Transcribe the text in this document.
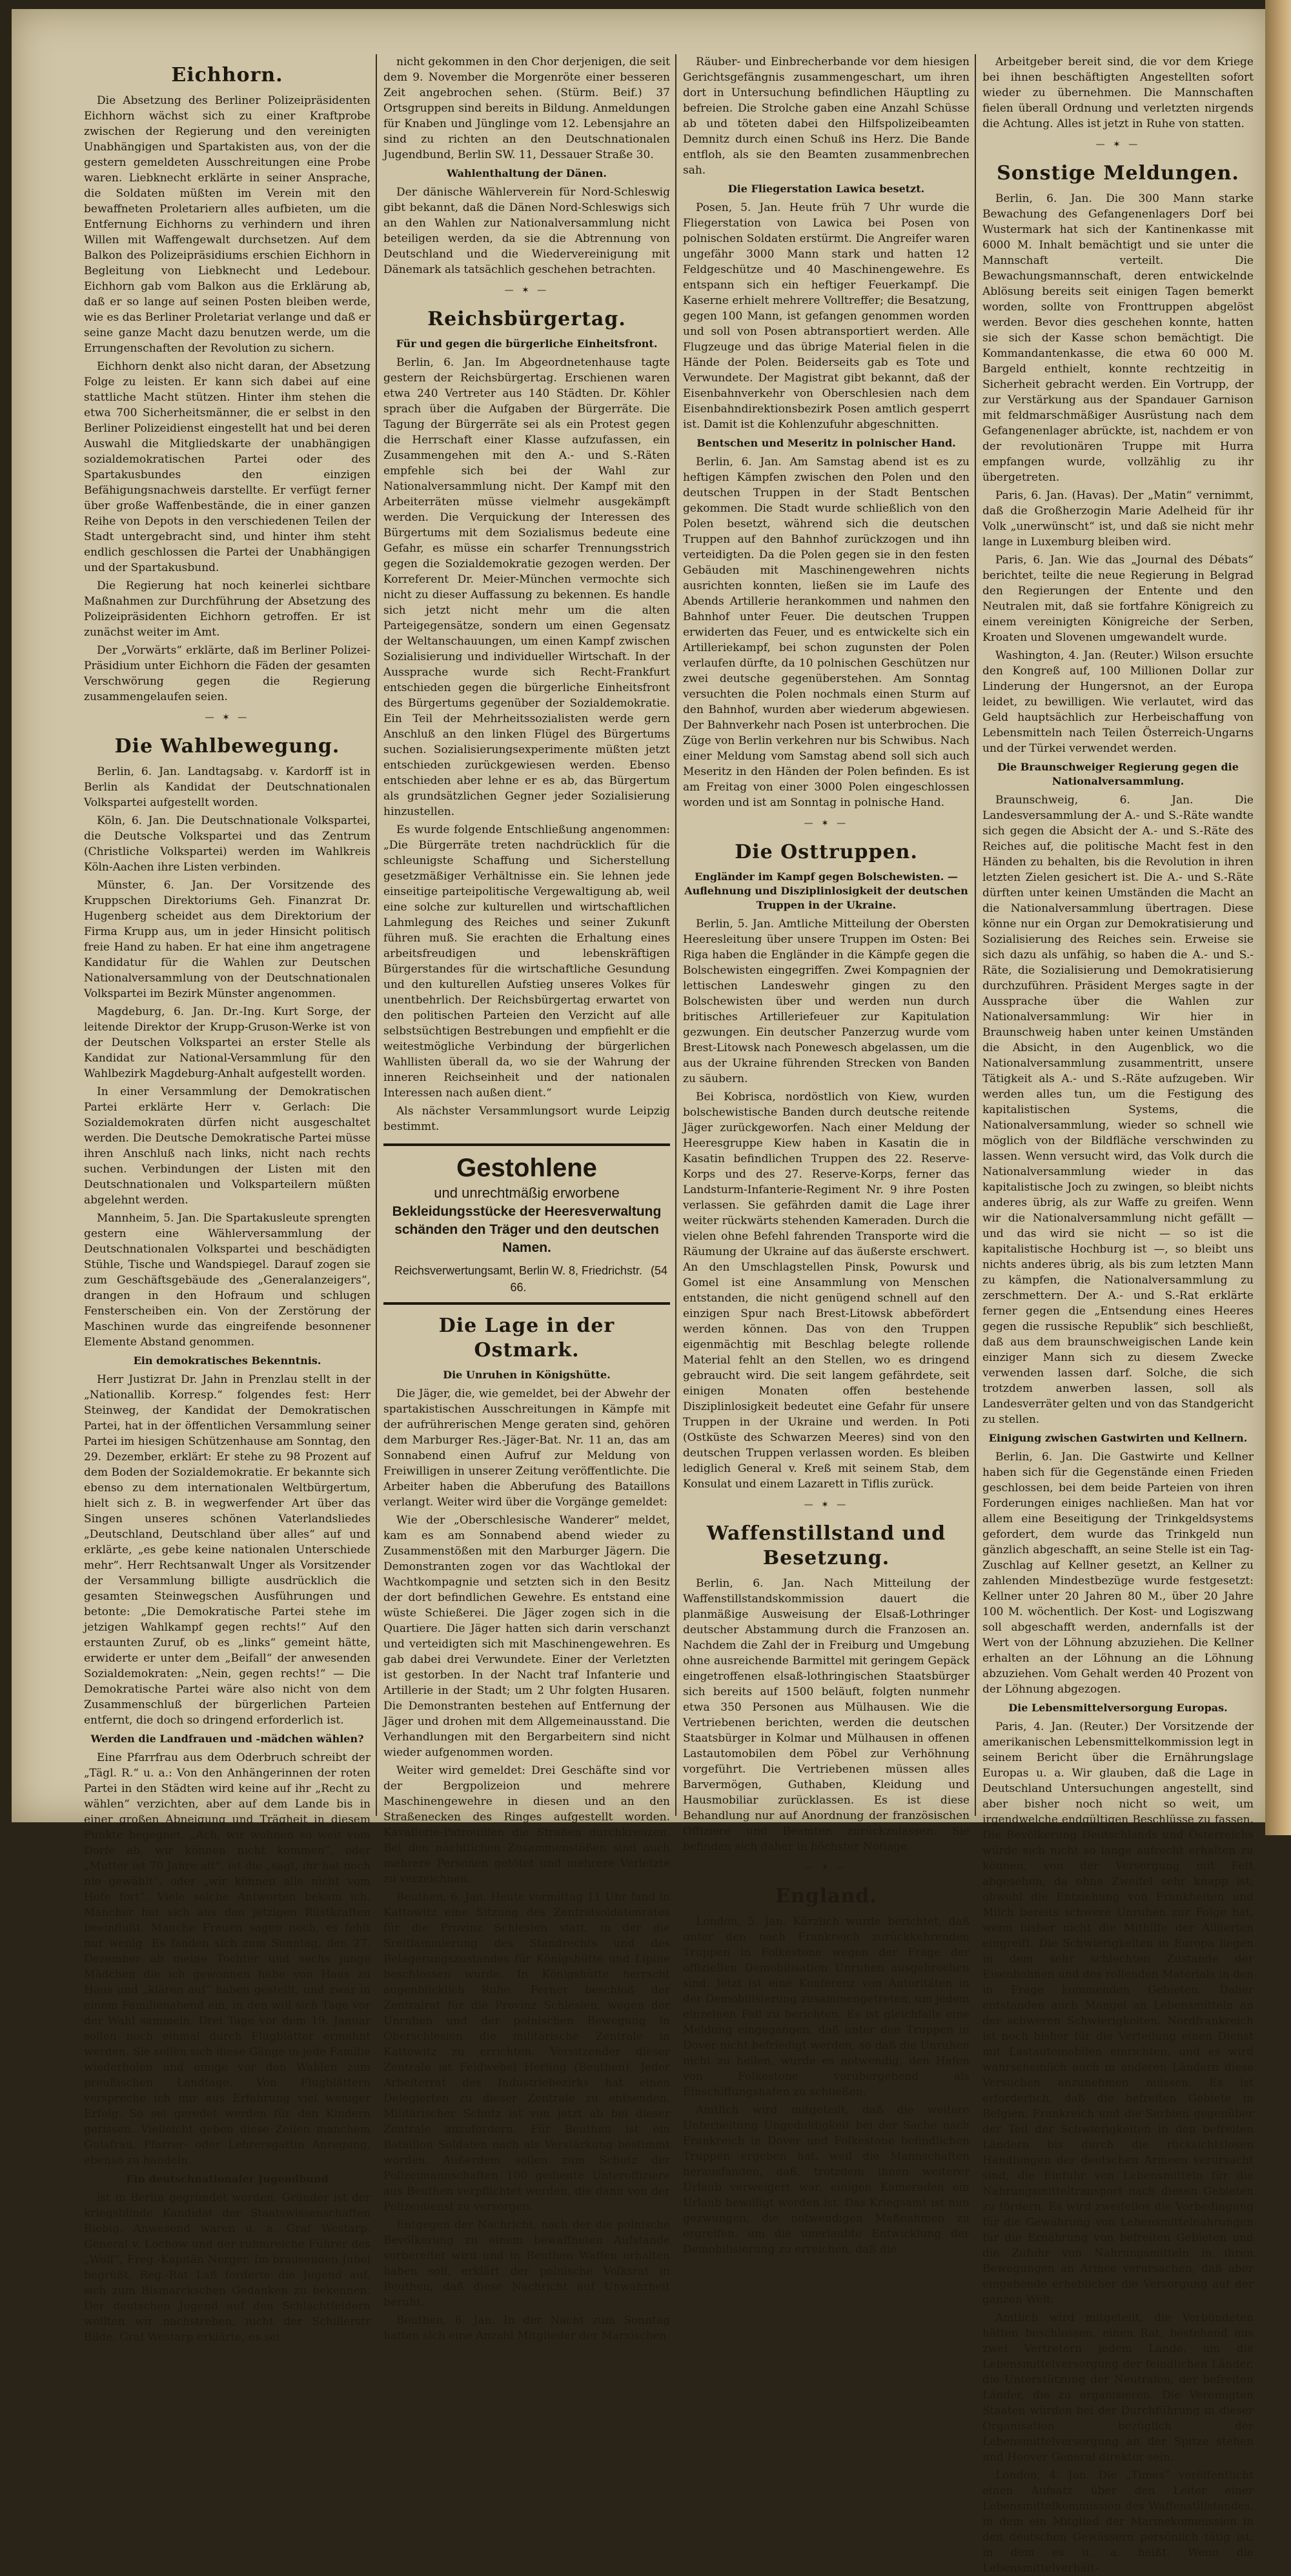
Eichhorn.

Die Absetzung des Berliner Polizeipräsidenten Eichhorn wächst sich zu einer Kraftprobe zwischen der Regierung und den vereinigten Unabhängigen und Spartakisten aus, von der die gestern gemeldeten Ausschreitungen eine Probe waren. Liebknecht erklärte in seiner Ansprache, die Soldaten müßten im Verein mit den bewaffneten Proletariern alles aufbieten, um die Entfernung Eichhorns zu verhindern und ihren Willen mit Waffengewalt durchsetzen. Auf dem Balkon des Polizeipräsidiums erschien Eichhorn in Begleitung von Liebknecht und Ledebour. Eichhorn gab vom Balkon aus die Erklärung ab, daß er so lange auf seinen Posten bleiben werde, wie es das Berliner Proletariat verlange und daß er seine ganze Macht dazu benutzen werde, um die Errungenschaften der Revolution zu sichern.

Eichhorn denkt also nicht daran, der Absetzung Folge zu leisten. Er kann sich dabei auf eine stattliche Macht stützen. Hinter ihm stehen die etwa 700 Sicherheitsmänner, die er selbst in den Berliner Polizeidienst eingestellt hat und bei deren Auswahl die Mitgliedskarte der unabhängigen sozialdemokratischen Partei oder des Spartakusbundes den einzigen Befähigungsnachweis darstellte. Er verfügt ferner über große Waffenbestände, die in einer ganzen Reihe von Depots in den verschiedenen Teilen der Stadt untergebracht sind, und hinter ihm steht endlich geschlossen die Partei der Unabhängigen und der Spartakusbund.

Die Regierung hat noch keinerlei sichtbare Maßnahmen zur Durchführung der Absetzung des Polizeipräsidenten Eichhorn getroffen. Er ist zunächst weiter im Amt.

Der „Vorwärts“ erklärte, daß im Berliner Polizei-Präsidium unter Eichhorn die Fäden der gesamten Verschwörung gegen die Regierung zusammengelaufen seien.

— ✶ —
Die Wahlbewegung.

Berlin, 6. Jan. Landtagsabg. v. Kardorff ist in Berlin als Kandidat der Deutschnationalen Volkspartei aufgestellt worden.

Köln, 6. Jan. Die Deutschnationale Volkspartei, die Deutsche Volkspartei und das Zentrum (Christliche Volkspartei) werden im Wahlkreis Köln-Aachen ihre Listen verbinden.

Münster, 6. Jan. Der Vorsitzende des Kruppschen Direktoriums Geh. Finanzrat Dr. Hugenberg scheidet aus dem Direktorium der Firma Krupp aus, um in jeder Hinsicht politisch freie Hand zu haben. Er hat eine ihm angetragene Kandidatur für die Wahlen zur Deutschen Nationalversammlung von der Deutschnationalen Volkspartei im Bezirk Münster angenommen.

Magdeburg, 6. Jan. Dr.-Ing. Kurt Sorge, der leitende Direktor der Krupp-Gruson-Werke ist von der Deutschen Volkspartei an erster Stelle als Kandidat zur National-Versammlung für den Wahlbezirk Magdeburg-Anhalt aufgestellt worden.

In einer Versammlung der Demokratischen Partei erklärte Herr v. Gerlach: Die Sozialdemokraten dürfen nicht ausgeschaltet werden. Die Deutsche Demokratische Partei müsse ihren Anschluß nach links, nicht nach rechts suchen. Verbindungen der Listen mit den Deutschnationalen und Volksparteilern müßten abgelehnt werden.

Mannheim, 5. Jan. Die Spartakusleute sprengten gestern eine Wählerversammlung der Deutschnationalen Volkspartei und beschädigten Stühle, Tische und Wandspiegel. Darauf zogen sie zum Geschäftsgebäude des „Generalanzeigers“, drangen in den Hofraum und schlugen Fensterscheiben ein. Von der Zerstörung der Maschinen wurde das eingreifende besonnener Elemente Abstand genommen.

Ein demokratisches Bekenntnis.

Herr Justizrat Dr. Jahn in Prenzlau stellt in der „Nationallib. Korresp.“ folgendes fest: Herr Steinweg, der Kandidat der Demokratischen Partei, hat in der öffentlichen Versammlung seiner Partei im hiesigen Schützenhause am Sonntag, den 29. Dezember, erklärt: Er stehe zu 98 Prozent auf dem Boden der Sozialdemokratie. Er bekannte sich ebenso zu dem internationalen Weltbürgertum, hielt sich z. B. in wegwerfender Art über das Singen unseres schönen Vaterlandsliedes „Deutschland, Deutschland über alles“ auf und erklärte, „es gebe keine nationalen Unterschiede mehr“. Herr Rechtsanwalt Unger als Vorsitzender der Versammlung billigte ausdrücklich die gesamten Steinwegschen Ausführungen und betonte: „Die Demokratische Partei stehe im jetzigen Wahlkampf gegen rechts!“ Auf den erstaunten Zuruf, ob es „links“ gemeint hätte, erwiderte er unter dem „Beifall“ der anwesenden Sozialdemokraten: „Nein, gegen rechts!“ — Die Demokratische Partei wäre also nicht von dem Zusammenschluß der bürgerlichen Parteien entfernt, die doch so dringend erforderlich ist.

Werden die Landfrauen und -mädchen wählen?

Eine Pfarrfrau aus dem Oderbruch schreibt der „Tägl. R.“ u. a.: Von den Anhängerinnen der roten Partei in den Städten wird keine auf ihr „Recht zu wählen“ verzichten, aber auf dem Lande bis in einer großen Abneigung und Trägheit in diesem Punkte begegnet. „Ach, wir wohnen so weit vom Dorfe ab, wir können nicht kommen“, oder „Mutter ist 70 Jahre alt“, ist die „sagt, ihr hat noch nie gewählt“, oder „wir können alle nicht vom Hofe fort“. Viele solche Antworten bekam ich. Mancher hat sich aus den jetzigen Rüstkraften beeinflußt. Manche Frauen sagen noch, es fehlt nur wenig. Es fanden sich zum Sonntag, den 27. Dezember ab meine Tochter und sechs junge Mädchen die ich gewonnen habe von Haus zu Haus und „klären auf“ haben gestellt, und zwar in einem Familienabend ein, in den will sich Tage vor der Wahl sammeln. Drei Tage vor dem 19. Januar sollen noch einmal durch Flugblätter ermahnt werden. Sie sollen sich diese Gänge in jede Familie wiederholen und einige vor den Wahlen zum preußischen Landtage. Von Flugblättern verspreche ich mir aus Erfahrung viel weniger Erfolg. So sei geredet werden für den Kindern gerissen. Vielleicht geben diese Zeilen manchem Gutsfrau, Pfarrer- oder Lehrersgattin Anregung, ebenso zu handeln.

Ein deutschnationaler Jugendbund

ist in Berlin gegründet worden. Gründer ist der kriegsblinde Kandidat der Staatswissenschaften Biebig. Anwesend waren u. a. Graf Westarp, General v. Lochow und der ruhmreiche Führer des „Wolf“, Freg.-Kapitän Nerger. Im brausenden Jubel begrüßt, Reg.-Rat Laß forderte die Jugend auf, sich zum Bismarckschen Gedanken zu bekennen. Der deutschen Jugend auf den Schlachtfeldern wollten wir nachstreben, nicht der Schillerstr Bilde. Graf Westarp erklärte, es sei

nicht gekommen in den Chor derjenigen, die seit dem 9. November die Morgenröte einer besseren Zeit angebrochen sehen. (Stürm. Beif.) 37 Ortsgruppen sind bereits in Bildung. Anmeldungen für Knaben und Jünglinge vom 12. Lebensjahre an sind zu richten an den Deutschnationalen Jugendbund, Berlin SW. 11, Dessauer Straße 30.

Wahlenthaltung der Dänen.

Der dänische Wählerverein für Nord-Schleswig gibt bekannt, daß die Dänen Nord-Schleswigs sich an den Wahlen zur Nationalversammlung nicht beteiligen werden, da sie die Abtrennung von Deutschland und die Wiedervereinigung mit Dänemark als tatsächlich geschehen betrachten.

— ✶ —
Reichsbürgertag.
Für und gegen die bürgerliche Einheitsfront.

Berlin, 6. Jan. Im Abgeordnetenhause tagte gestern der Reichsbürgertag. Erschienen waren etwa 240 Vertreter aus 140 Städten. Dr. Köhler sprach über die Aufgaben der Bürgerräte. Die Tagung der Bürgerräte sei als ein Protest gegen die Herrschaft einer Klasse aufzufassen, ein Zusammengehen mit den A.- und S.-Räten empfehle sich bei der Wahl zur Nationalversammlung nicht. Der Kampf mit den Arbeiterräten müsse vielmehr ausgekämpft werden. Die Verquickung der Interessen des Bürgertums mit dem Sozialismus bedeute eine Gefahr, es müsse ein scharfer Trennungsstrich gegen die Sozialdemokratie gezogen werden. Der Korreferent Dr. Meier-München vermochte sich nicht zu dieser Auffassung zu bekennen. Es handle sich jetzt nicht mehr um die alten Parteigegensätze, sondern um einen Gegensatz der Weltanschauungen, um einen Kampf zwischen Sozialisierung und individueller Wirtschaft. In der Aussprache wurde sich Recht-Frankfurt entschieden gegen die bürgerliche Einheitsfront des Bürgertums gegenüber der Sozialdemokratie. Ein Teil der Mehrheitssozialisten werde gern Anschluß an den linken Flügel des Bürgertums suchen. Sozialisierungsexperimente müßten jetzt entschieden zurückgewiesen werden. Ebenso entschieden aber lehne er es ab, das Bürgertum als grundsätzlichen Gegner jeder Sozialisierung hinzustellen.

Es wurde folgende Entschließung angenommen: „Die Bürgerräte treten nachdrücklich für die schleunigste Schaffung und Sicherstellung gesetzmäßiger Verhältnisse ein. Sie lehnen jede einseitige parteipolitische Vergewaltigung ab, weil eine solche zur kulturellen und wirtschaftlichen Lahmlegung des Reiches und seiner Zukunft führen muß. Sie erachten die Erhaltung eines arbeitsfreudigen und lebenskräftigen Bürgerstandes für die wirtschaftliche Gesundung und den kulturellen Aufstieg unseres Volkes für unentbehrlich. Der Reichsbürgertag erwartet von den politischen Parteien den Verzicht auf alle selbstsüchtigen Bestrebungen und empfiehlt er die weitestmögliche Verbindung der bürgerlichen Wahllisten überall da, wo sie der Wahrung der inneren Reichseinheit und der nationalen Interessen nach außen dient.“

Als nächster Versammlungsort wurde Leipzig bestimmt.

Gestohlene
und unrechtmäßig erworbene
Bekleidungsstücke der Heeresverwaltung schänden den Träger und den deutschen Namen.
Reichsverwertungsamt, Berlin W. 8, Friedrichstr. 66.
(54
Die Lage in der Ostmark.
Die Unruhen in Königshütte.

Die Jäger, die, wie gemeldet, bei der Abwehr der spartakistischen Ausschreitungen in Kämpfe mit der aufrührerischen Menge geraten sind, gehören dem Marburger Res.-Jäger-Bat. Nr. 11 an, das am Sonnabend einen Aufruf zur Meldung von Freiwilligen in unserer Zeitung veröffentlichte. Die Arbeiter haben die Abberufung des Bataillons verlangt. Weiter wird über die Vorgänge gemeldet:

Wie der „Oberschlesische Wanderer“ meldet, kam es am Sonnabend abend wieder zu Zusammenstößen mit den Marburger Jägern. Die Demonstranten zogen vor das Wachtlokal der Wachtkompagnie und setzten sich in den Besitz der dort befindlichen Gewehre. Es entstand eine wüste Schießerei. Die Jäger zogen sich in die Quartiere. Die Jäger hatten sich darin verschanzt und verteidigten sich mit Maschinengewehren. Es gab dabei drei Verwundete. Einer der Verletzten ist gestorben. In der Nacht traf Infanterie und Artillerie in der Stadt; um 2 Uhr folgten Husaren. Die Demonstranten bestehen auf Entfernung der Jäger und drohen mit dem Allgemeinausstand. Die Verhandlungen mit den Bergarbeitern sind nicht wieder aufgenommen worden.

Weiter wird gemeldet: Drei Geschäfte sind vor der Bergpolizeion und mehrere Maschinengewehre in diesen und an den Straßenecken des Ringes aufgestellt worden. Kavallerie-Patrouillen die Straßen durchkreuzen. Bei den nächtlichen Zusammenstößen sind auch mehrere Personen getötet und mehrere Verletzte zu verzeichnen.

Beuthen, 6. Jan. Heute vormittag 11 Uhr fand in Kattowitz eine Sitzung des Zentralsoldatenrates für die Provinz Schlesien statt, in der die Sreitlammierung des Standrechts und des Belagerungszustandes für Königshütte und Lipine beschlossen wurde. In Königshütte herrscht augenblicklich Ruhe. Ferner beschloß der Zentralrat für die Provinz Schlesien, wegen der Unruhen und der polnischen Bewegung in Oberschlesien die militärische Zentrale in Kattowitz zu errichten. Vorsitzender dieser Zentrale ist Feldwebel Herling (Beuthen). Jeder Arbeiterrat des Industriebezirks hat einen Delegierten zu dieser Zentrale zu entsenden. Militärischer Schutz ist von jetzt ab bei dieser Zentrale anzufordern. Für Beuthen ist ein Bataillon Soldaten nach als Verstärkung bestimmt worden. Außerdem sollen zum Schutz der Polizeimannschaften 100 gediente Unteroffiziere aus Beuthen verpflichtet werden, die dann von der Polizeidienst zu versorgen.

Entgegen der Nachricht, nach der die polnische Bevölkerung zu einem bewaffneten Aufstande vorbereitet wird und in Beuthen Waffen erhalten haben soll, erklärt der polnische Volksrat in Beuthen, daß diese Nachricht auf Unwahrheit beruht.

Beuthen, 6. Jan. In der Nacht zum Sonntag hatten sich eine Anzahl Mitglieder der Marxischen

Räuber- und Einbrecherbande vor dem hiesigen Gerichtsgefängnis zusammengeschart, um ihren dort in Untersuchung befindlichen Häuptling zu befreien. Die Strolche gaben eine Anzahl Schüsse ab und töteten dabei den Hilfspolizeibeamten Demnitz durch einen Schuß ins Herz. Die Bande entfloh, als sie den Beamten zusammenbrechen sah.

Die Fliegerstation Lawica besetzt.

Posen, 5. Jan. Heute früh 7 Uhr wurde die Fliegerstation von Lawica bei Posen von polnischen Soldaten erstürmt. Die Angreifer waren ungefähr 3000 Mann stark und hatten 12 Feldgeschütze und 40 Maschinengewehre. Es entspann sich ein heftiger Feuerkampf. Die Kaserne erhielt mehrere Volltreffer; die Besatzung, gegen 100 Mann, ist gefangen genommen worden und soll von Posen abtransportiert werden. Alle Flugzeuge und das übrige Material fielen in die Hände der Polen. Beiderseits gab es Tote und Verwundete. Der Magistrat gibt bekannt, daß der Eisenbahnverkehr von Oberschlesien nach dem Eisenbahndirektionsbezirk Posen amtlich gesperrt ist. Damit ist die Kohlenzufuhr abgeschnitten.

Bentschen und Meseritz in polnischer Hand.

Berlin, 6. Jan. Am Samstag abend ist es zu heftigen Kämpfen zwischen den Polen und den deutschen Truppen in der Stadt Bentschen gekommen. Die Stadt wurde schließlich von den Polen besetzt, während sich die deutschen Truppen auf den Bahnhof zurückzogen und ihn verteidigten. Da die Polen gegen sie in den festen Gebäuden mit Maschinengewehren nichts ausrichten konnten, ließen sie im Laufe des Abends Artillerie herankommen und nahmen den Bahnhof unter Feuer. Die deutschen Truppen erwiderten das Feuer, und es entwickelte sich ein Artilleriekampf, bei schon zugunsten der Polen verlaufen dürfte, da 10 polnischen Geschützen nur zwei deutsche gegenüberstehen. Am Sonntag versuchten die Polen nochmals einen Sturm auf den Bahnhof, wurden aber wiederum abgewiesen. Der Bahnverkehr nach Posen ist unterbrochen. Die Züge von Berlin verkehren nur bis Schwibus. Nach einer Meldung vom Samstag abend soll sich auch Meseritz in den Händen der Polen befinden. Es ist am Freitag von einer 3000 Polen eingeschlossen worden und ist am Sonntag in polnische Hand.

— ✶ —
Die Osttruppen.
Engländer im Kampf gegen Bolschewisten. — Auflehnung und Disziplinlosigkeit der deutschen Truppen in der Ukraine.

Berlin, 5. Jan. Amtliche Mitteilung der Obersten Heeresleitung über unsere Truppen im Osten: Bei Riga haben die Engländer in die Kämpfe gegen die Bolschewisten eingegriffen. Zwei Kompagnien der lettischen Landeswehr gingen zu den Bolschewisten über und werden nun durch britisches Artilleriefeuer zur Kapitulation gezwungen. Ein deutscher Panzerzug wurde vom Brest-Litowsk nach Ponewesch abgelassen, um die aus der Ukraine führenden Strecken von Banden zu säubern.

Bei Kobrisca, nordöstlich von Kiew, wurden bolschewistische Banden durch deutsche reitende Jäger zurückgeworfen. Nach einer Meldung der Heeresgruppe Kiew haben in Kasatin die in Kasatin befindlichen Truppen des 22. Reserve-Korps und des 27. Reserve-Korps, ferner das Landsturm-Infanterie-Regiment Nr. 9 ihre Posten verlassen. Sie gefährden damit die Lage ihrer weiter rückwärts stehenden Kameraden. Durch die vielen ohne Befehl fahrenden Transporte wird die Räumung der Ukraine auf das äußerste erschwert. An den Umschlagstellen Pinsk, Powursk und Gomel ist eine Ansammlung von Menschen entstanden, die nicht genügend schnell auf den einzigen Spur nach Brest-Litowsk abbefördert werden können. Das von den Truppen eigenmächtig mit Beschlag belegte rollende Material fehlt an den Stellen, wo es dringend gebraucht wird. Die seit langem gefährdete, seit einigen Monaten offen bestehende Disziplinlosigkeit bedeutet eine Gefahr für unsere Truppen in der Ukraine und werden. In Poti (Ostküste des Schwarzen Meeres) sind von den deutschen Truppen verlassen worden. Es bleiben lediglich General v. Kreß mit seinem Stab, dem Konsulat und einem Lazarett in Tiflis zurück.

— ✶ —
Waffenstillstand und Besetzung.

Berlin, 6. Jan. Nach Mitteilung der Waffenstillstandskommission dauert die planmäßige Ausweisung der Elsaß-Lothringer deutscher Abstammung durch die Franzosen an. Nachdem die Zahl der in Freiburg und Umgebung ohne ausreichende Barmittel mit geringem Gepäck eingetroffenen elsaß-lothringischen Staatsbürger sich bereits auf 1500 beläuft, folgten nunmehr etwa 350 Personen aus Mülhausen. Wie die Vertriebenen berichten, werden die deutschen Staatsbürger in Kolmar und Mülhausen in offenen Lastautomobilen dem Pöbel zur Verhöhnung vorgeführt. Die Vertriebenen müssen alles Barvermögen, Guthaben, Kleidung und Hausmobiliar zurücklassen. Es ist diese Behandlung nur auf Anordnung der französischen Offiziere und Beamten zurückzulassen. Sie befinden sich daher in höchster Notlage.

— ✶ —
England.

London, 5. Jan. Kürzlich wurde berichtet, daß unter den nach Frankreich zurückkehrenden Truppen in Folkestone wegen der Frage der offiziellen Demobilisation Unruhen ausgebrochen sind. Jetzt ist eine Konferenz von Autoritäten in der Demobilisierung zusammengetreten, um jedem einzelnen Fall zu berichten. Es ist gleichfalls eine Meldung eingegangen, daß unter den Truppen in Dover nicht befriedigt werden, so daß die Unruhen nicht zu heilen, wurde es notwendig, den Hafen von Folkestone vorübergehend als Einschiffungshafen zu schließen.

Amtlich wird mitgeteilt, daß die weitere Unterbeitung Ungeduldigkeit bei der Sache nach Frankreich in Dover und Folkestone befindlichen Truppen ergeben hat, weil die Mannschaften herausfanden, daß, trotzdem ihnen weiterer Urlaub verweigert war, einigen Kameraden ein Urlaub bewilligt worden ist. Das Kriegsamt ist nun gezwungen, die notwendigen Maßnahmen zu ergreifen, um die unerlaubte Entwicklung der Demobilisierung zu erreichen, daß die

Arbeitgeber bereit sind, die vor dem Kriege bei ihnen beschäftigten Angestellten sofort wieder zu übernehmen. Die Mannschaften fielen überall Ordnung und verletzten nirgends die Achtung. Alles ist jetzt in Ruhe von statten.

— ✶ —
Sonstige Meldungen.

Berlin, 6. Jan. Die 300 Mann starke Bewachung des Gefangenenlagers Dorf bei Wustermark hat sich der Kantinenkasse mit 6000 M. Inhalt bemächtigt und sie unter die Mannschaft verteilt. Die Bewachungsmannschaft, deren entwickelnde Ablösung bereits seit einigen Tagen bemerkt worden, sollte von Fronttruppen abgelöst werden. Bevor dies geschehen konnte, hatten sie sich der Kasse schon bemächtigt. Die Kommandantenkasse, die etwa 60 000 M. Bargeld enthielt, konnte rechtzeitig in Sicherheit gebracht werden. Ein Vortrupp, der zur Verstärkung aus der Spandauer Garnison mit feldmarschmäßiger Ausrüstung nach dem Gefangenenlager abrückte, ist, nachdem er von der revolutionären Truppe mit Hurra empfangen wurde, vollzählig zu ihr übergetreten.

Paris, 6. Jan. (Havas). Der „Matin“ vernimmt, daß die Großherzogin Marie Adelheid für ihr Volk „unerwünscht“ ist, und daß sie nicht mehr lange in Luxemburg bleiben wird.

Paris, 6. Jan. Wie das „Journal des Débats“ berichtet, teilte die neue Regierung in Belgrad den Regierungen der Entente und den Neutralen mit, daß sie fortfahre Königreich zu einem vereinigten Königreiche der Serben, Kroaten und Slovenen umgewandelt wurde.

Washington, 4. Jan. (Reuter.) Wilson ersuchte den Kongreß auf, 100 Millionen Dollar zur Linderung der Hungersnot, an der Europa leidet, zu bewilligen. Wie verlautet, wird das Geld hauptsächlich zur Herbeischaffung von Lebensmitteln nach Teilen Österreich-Ungarns und der Türkei verwendet werden.

Die Braunschweiger Regierung gegen die Nationalversammlung.

Braunschweig, 6. Jan. Die Landesversammlung der A.- und S.-Räte wandte sich gegen die Absicht der A.- und S.-Räte des Reiches auf, die politische Macht fest in den Händen zu behalten, bis die Revolution in ihren letzten Zielen gesichert ist. Die A.- und S.-Räte dürften unter keinen Umständen die Macht an die Nationalversammlung übertragen. Diese könne nur ein Organ zur Demokratisierung und Sozialisierung des Reiches sein. Erweise sie sich dazu als unfähig, so haben die A.- und S.-Räte, die Sozialisierung und Demokratisierung durchzuführen. Präsident Merges sagte in der Aussprache über die Wahlen zur Nationalversammlung: Wir hier in Braunschweig haben unter keinen Umständen die Absicht, in den Augenblick, wo die Nationalversammlung zusammentritt, unsere Tätigkeit als A.- und S.-Räte aufzugeben. Wir werden alles tun, um die Festigung des kapitalistischen Systems, die Nationalversammlung, wieder so schnell wie möglich von der Bildfläche verschwinden zu lassen. Wenn versucht wird, das Volk durch die Nationalversammlung wieder in das kapitalistische Joch zu zwingen, so bleibt nichts anderes übrig, als zur Waffe zu greifen. Wenn wir die Nationalversammlung nicht gefällt — und das wird sie nicht — so ist die kapitalistische Hochburg ist —, so bleibt uns nichts anderes übrig, als bis zum letzten Mann zu kämpfen, die Nationalversammlung zu zerschmettern. Der A.- und S.-Rat erklärte ferner gegen die „Entsendung eines Heeres gegen die russische Republik“ sich beschließt, daß aus dem braunschweigischen Lande kein einziger Mann sich zu diesem Zwecke verwenden lassen darf. Solche, die sich trotzdem anwerben lassen, soll als Landesverräter gelten und von das Standgericht zu stellen.

Einigung zwischen Gastwirten und Kellnern.

Berlin, 6. Jan. Die Gastwirte und Kellner haben sich für die Gegenstände einen Frieden geschlossen, bei dem beide Parteien von ihren Forderungen einiges nachließen. Man hat vor allem eine Beseitigung der Trinkgeldsystems gefordert, dem wurde das Trinkgeld nun gänzlich abgeschafft, an seine Stelle ist ein Tag-Zuschlag auf Kellner gesetzt, an Kellner zu zahlenden Mindestbezüge wurde festgesetzt: Kellner unter 20 Jahren 80 M., über 20 Jahre 100 M. wöchentlich. Der Kost- und Logiszwang soll abgeschafft werden, andernfalls ist der Wert von der Löhnung abzuziehen. Die Kellner erhalten an der Löhnung an die Löhnung abzuziehen. Vom Gehalt werden 40 Prozent von der Löhnung abgezogen.

Die Lebensmittelversorgung Europas.

Paris, 4. Jan. (Reuter.) Der Vorsitzende der amerikanischen Lebensmittelkommission legt in seinem Bericht über die Ernährungslage Europas u. a. Wir glauben, daß die Lage in Deutschland Untersuchungen angestellt, sind aber bisher noch nicht so weit, um irgendwelche endgültigen Beschlüsse zu fassen. Die Bevölkerung Deutschlands und Österreichs würde sich nicht so lange aufrecht erhalten zu können, von der Versorgung mit Fett abgesehen, da ohne Zweifel sehr knapp ist, obwohl die Entziehung von Frankheiten und Milch bereits schwere Unruhen zur Folge hat, wenn bisher nicht die Mithilfe der Alliierten eingreift. Die Schwierigkeiten in Europa liegen in dem sehr schlechten Zustande der Eisenbahnen und des rollenden Materials in den in Frage kommenden Gebieten. Daher entstanden auch Mangel an Lebensmitteln an der schweren Schwierigkeiten. Nordfrankreich ist noch bisher für die Verteilung einen Dienst mit Lastautomobilen einrichten, und es wird wahrscheinlich auch in anderen Ländern diese Versuchen anzunehmen müssen. Es ist erforderlich, daß die befreiten Gebiete in Belgien, Frankreich und die Serbien gegenüber der Teil der Schwierigkeiten in den befreiten Ländern bis durch die rücksichtslosen Handlungen der deutschen Armeen verursacht sind, die Einfuhr von Lebensmitteln für die Nahrungsmitteltransport nach diesen Gebieten zu fördern. Es wird zweifellos die Vorbedingung für die Gewährung von Lebensmittelnahrungen für die Ernährung von befreiten Gebieten und die Zufuhr von Nahrungsmitteln in ihren Bewegungen an Armee verursachen, daß aber eingehende erheblicher die Versorgung auf der ganzen Welt.

Amtlich wird mitgeteilt, die Verbündeten hätten beschlossen, einen Rat, bestehend aus zwei Vertretern jedem Lande, um die Lebensmittelversorgung der feindlichen Länder, die Unterstützung der Neutralen, der befreiten Länder, die zu organisieren. Die Vereinigten Staaten würden bei der Durchführung in dieser Organisation bezüglich der Lebensmittelversorgung an der Spitze stehen und Hoover General direktor sein.

London, 4. Jan. Die „Times“ veröffentlicht einen Aufsatz über den Leiter einer Lebensmittelkommission des Waffenstillstandes, in dem ein Mitglied der Marinekommission in den deutschen Gewässern persönlich tätig ist, in dem es u. a. heißt: Wenn die Lebensmittelverhält-
